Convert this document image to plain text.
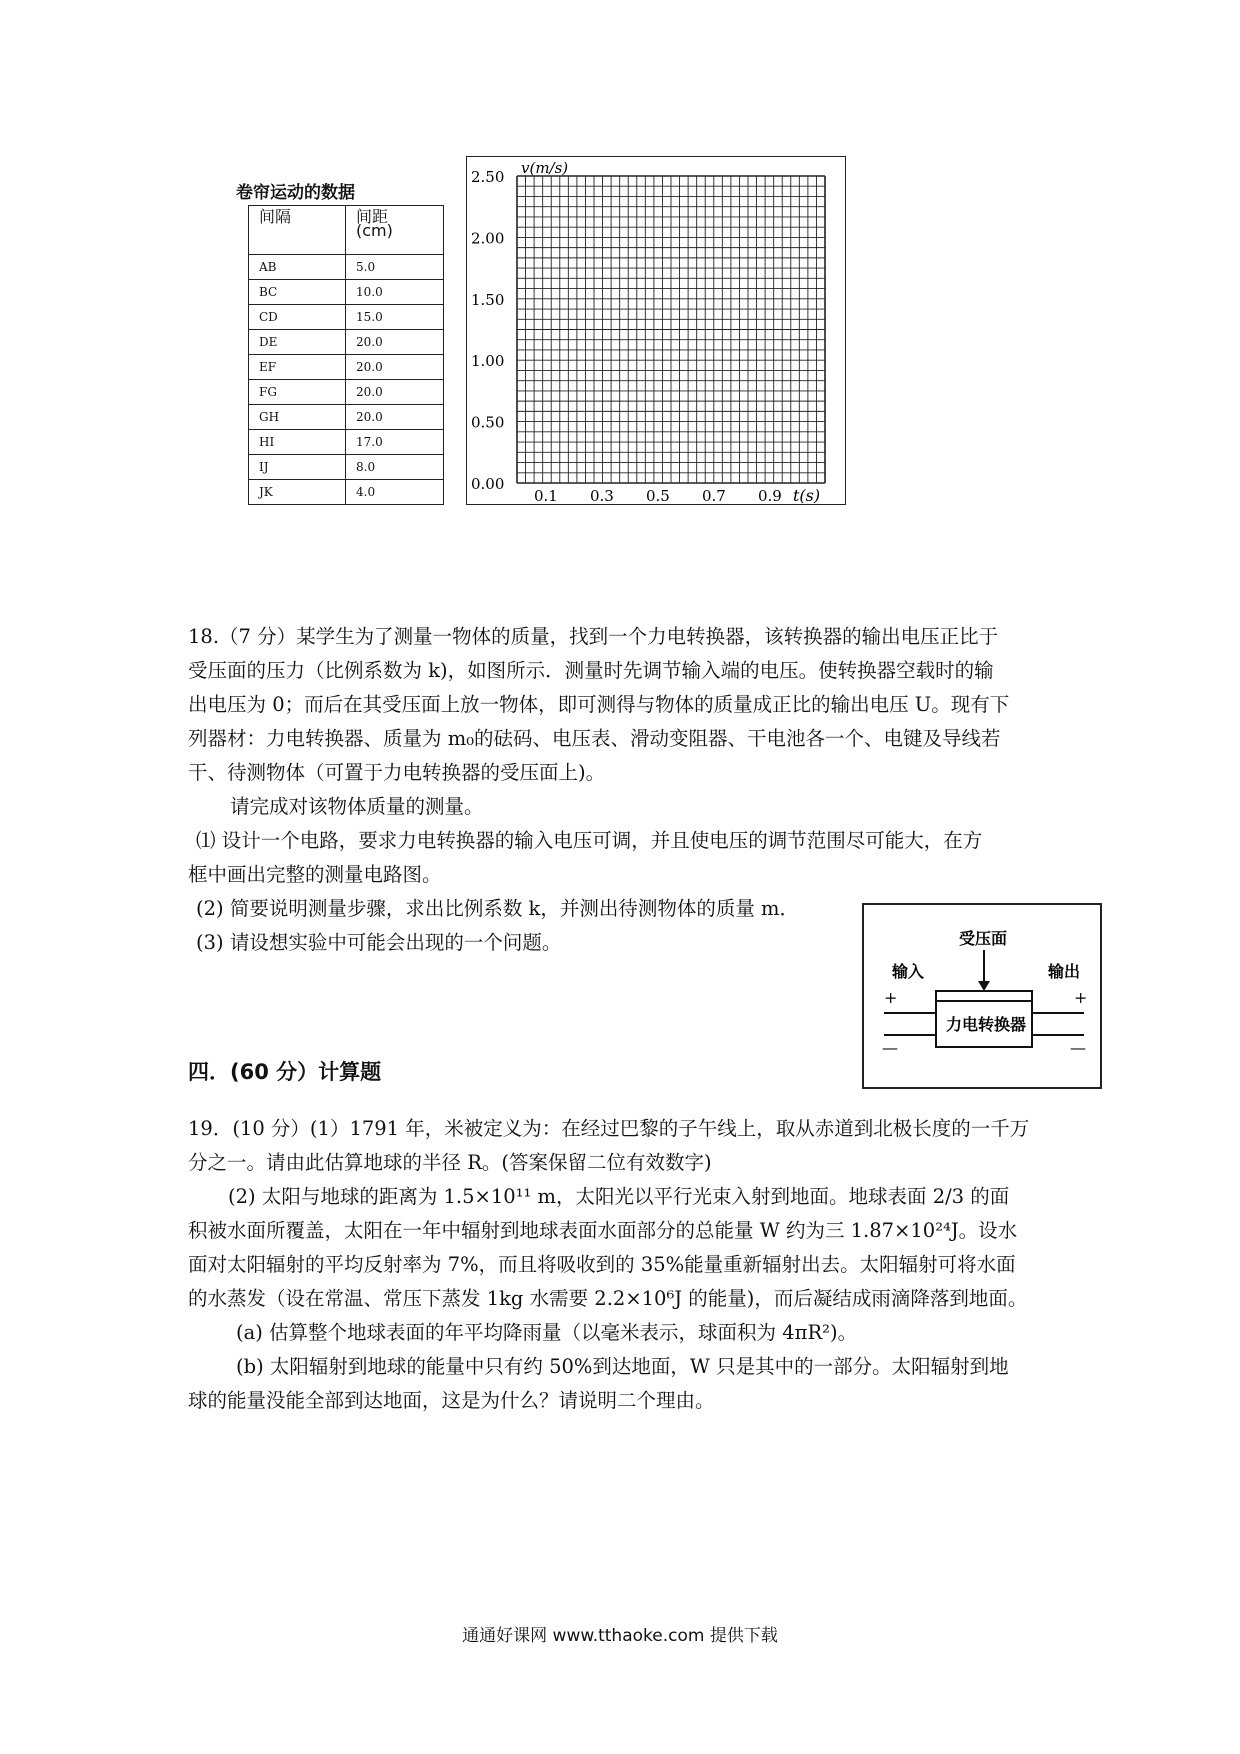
卷帘运动的数据
间隔	间距
(cm)
AB	5.0
BC	10.0
CD	15.0
DE	20.0
EF	20.0
FG	20.0
GH	20.0
HI	17.0
IJ	8.0
JK	4.0
2.50
2.00
1.50
1.00
0.50
0.00
0.1 0.3 0.5 0.7 0.9
v(m/s)
t(s)
18.（7 分）某学生为了测量一物体的质量，找到一个力电转换器，该转换器的输出电压正比于
受压面的压力（比例系数为 k)，如图所示．测量时先调节输入端的电压。使转换器空载时的输
出电压为 0；而后在其受压面上放一物体，即可测得与物体的质量成正比的输出电压 U。现有下
列器材：力电转换器、质量为 m₀的砝码、电压表、滑动变阻器、干电池各一个、电键及导线若
干、待测物体（可置于力电转换器的受压面上)。
请完成对该物体质量的测量。
⑴ 设计一个电路，要求力电转换器的输入电压可调，并且使电压的调节范围尽可能大，在方
框中画出完整的测量电路图。
(2) 简要说明测量步骤，求出比例系数 k，并测出待测物体的质量 m．
(3) 请设想实验中可能会出现的一个问题。	受压面
输入	输出
+	+
—	—
力电转换器
四．(60 分）计算题
19．(10 分）(1）1791 年，米被定义为：在经过巴黎的子午线上，取从赤道到北极长度的一千万
分之一。请由此估算地球的半径 R。(答案保留二位有效数字)
(2) 太阳与地球的距离为 1.5×10¹¹ m，太阳光以平行光束入射到地面。地球表面 2/3 的面
积被水面所覆盖，太阳在一年中辐射到地球表面水面部分的总能量 W 约为三 1.87×10²⁴J。设水
面对太阳辐射的平均反射率为 7%，而且将吸收到的 35%能量重新辐射出去。太阳辐射可将水面
的水蒸发（设在常温、常压下蒸发 1kg 水需要 2.2×10⁶J 的能量)，而后凝结成雨滴降落到地面。
(a) 估算整个地球表面的年平均降雨量（以毫米表示，球面积为 4πR²)。
(b) 太阳辐射到地球的能量中只有约 50%到达地面，W 只是其中的一部分。太阳辐射到地
球的能量没能全部到达地面，这是为什么？请说明二个理由。
通通好课网 www.tthaoke.com 提供下载
